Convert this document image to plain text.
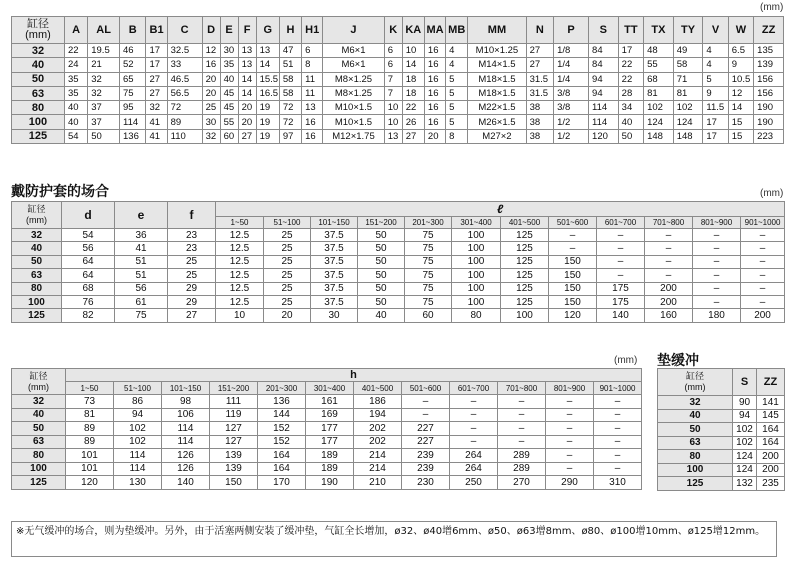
(mm)
缸径
(mm)	A	AL	B	B1	C	D	E	F	G	H	H1	J	K	KA	MA	MB	MM	N	P	S	TT	TX	TY	V	W	ZZ
32	22	19.5	46	17	32.5	12	30	13	13	47	6	M6×1	6	10	16	4	M10×1.25	27	1/8	84	17	48	49	4	6.5	135
40	24	21	52	17	33	16	35	13	14	51	8	M6×1	6	14	16	4	M14×1.5	27	1/4	84	22	55	58	4	9	139
50	35	32	65	27	46.5	20	40	14	15.5	58	11	M8×1.25	7	18	16	5	M18×1.5	31.5	1/4	94	22	68	71	5	10.5	156
63	35	32	75	27	56.5	20	45	14	16.5	58	11	M8×1.25	7	18	16	5	M18×1.5	31.5	3/8	94	28	81	81	9	12	156
80	40	37	95	32	72	25	45	20	19	72	13	M10×1.5	10	22	16	5	M22×1.5	38	3/8	114	34	102	102	11.5	14	190
100	40	37	114	41	89	30	55	20	19	72	16	M10×1.5	10	26	16	5	M26×1.5	38	1/2	114	40	124	124	17	15	190
125	54	50	136	41	110	32	60	27	19	97	16	M12×1.75	13	27	20	8	M27×2	38	1/2	120	50	148	148	17	15	223
戴防护套的场合	(mm)
缸径
(mm)	d	e	f	ℓ											
				1~50	51~100	101~150	151~200	201~300	301~400	401~500	501~600	601~700	701~800	801~900	901~1000
32	54	36	23	12.5	25	37.5	50	75	100	125	–	–	–	–	–
40	56	41	23	12.5	25	37.5	50	75	100	125	–	–	–	–	–
50	64	51	25	12.5	25	37.5	50	75	100	125	150	–	–	–	–
63	64	51	25	12.5	25	37.5	50	75	100	125	150	–	–	–	–
80	68	56	29	12.5	25	37.5	50	75	100	125	150	175	200	–	–
100	76	61	29	12.5	25	37.5	50	75	100	125	150	175	200	–	–
125	82	75	27	10	20	30	40	60	80	100	120	140	160	180	200
(mm)
缸径
(mm)	h											
	1~50	51~100	101~150	151~200	201~300	301~400	401~500	501~600	601~700	701~800	801~900	901~1000
32	73	86	98	111	136	161	186	–	–	–	–	–
40	81	94	106	119	144	169	194	–	–	–	–	–
50	89	102	114	127	152	177	202	227	–	–	–	–
63	89	102	114	127	152	177	202	227	–	–	–	–
80	101	114	126	139	164	189	214	239	264	289	–	–
100	101	114	126	139	164	189	214	239	264	289	–	–
125	120	130	140	150	170	190	210	230	250	270	290	310
垫缓冲
缸径
(mm)	S	ZZ
32	90	141
40	94	145
50	102	164
63	102	164
80	124	200
100	124	200
125	132	235
※无气缓冲的场合，则为垫缓冲。另外，由于活塞两侧安装了缓冲垫，气缸全长增加，ø32、ø40增6mm、ø50、ø63增8mm、ø80、ø100增10mm、ø125增12mm。
